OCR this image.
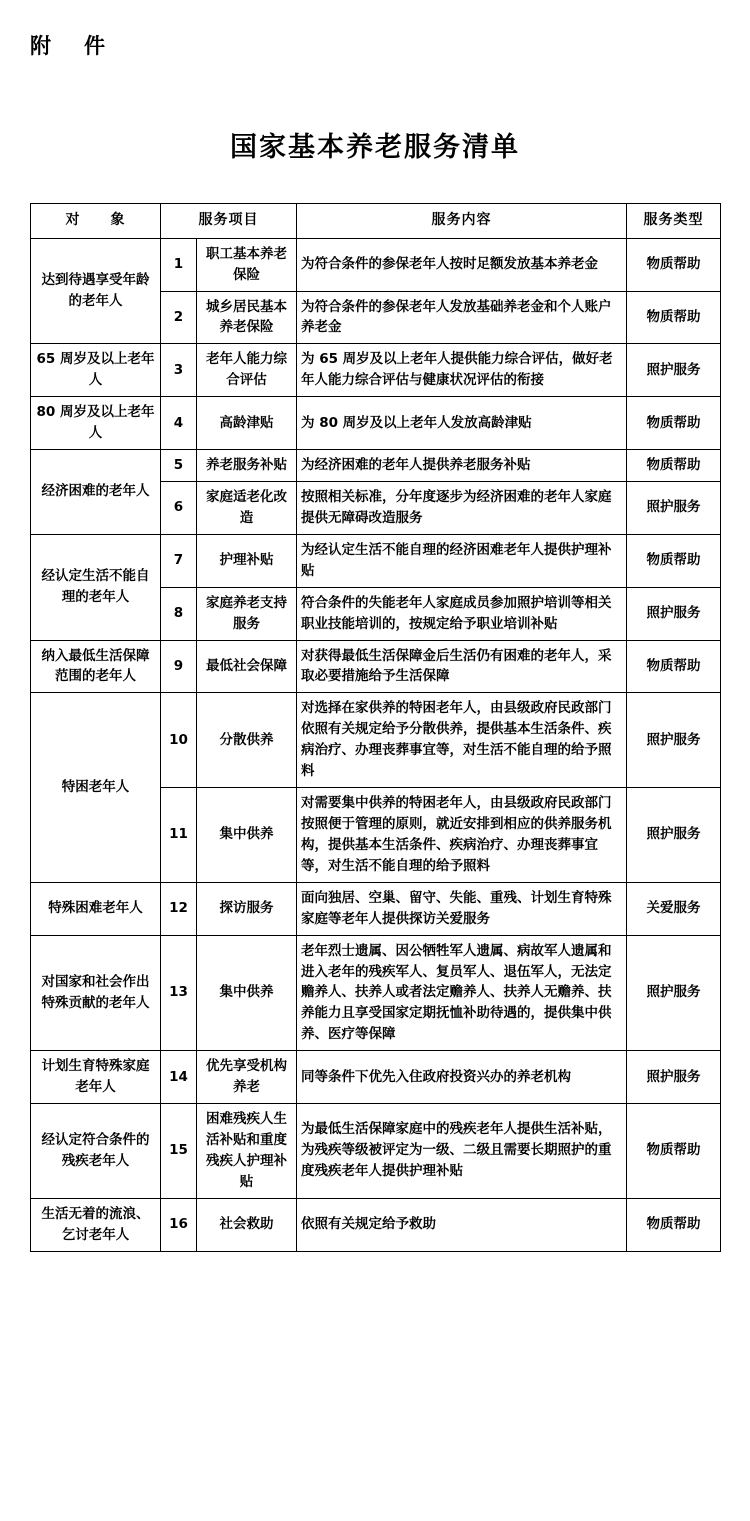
附　件
国家基本养老服务清单
对　　象	服务项目		服务内容	服务类型
达到待遇享受年龄的老年人	1	职工基本养老保险	为符合条件的参保老年人按时足额发放基本养老金	物质帮助
	2	城乡居民基本养老保险	为符合条件的参保老年人发放基础养老金和个人账户养老金	物质帮助
65 周岁及以上老年人	3	老年人能力综合评估	为 65 周岁及以上老年人提供能力综合评估，做好老年人能力综合评估与健康状况评估的衔接	照护服务
80 周岁及以上老年人	4	高龄津贴	为 80 周岁及以上老年人发放高龄津贴	物质帮助
经济困难的老年人	5	养老服务补贴	为经济困难的老年人提供养老服务补贴	物质帮助
	6	家庭适老化改造	按照相关标准，分年度逐步为经济困难的老年人家庭提供无障碍改造服务	照护服务
经认定生活不能自理的老年人	7	护理补贴	为经认定生活不能自理的经济困难老年人提供护理补贴	物质帮助
	8	家庭养老支持服务	符合条件的失能老年人家庭成员参加照护培训等相关职业技能培训的，按规定给予职业培训补贴	照护服务
纳入最低生活保障范围的老年人	9	最低社会保障	对获得最低生活保障金后生活仍有困难的老年人，采取必要措施给予生活保障	物质帮助
特困老年人	10	分散供养	对选择在家供养的特困老年人，由县级政府民政部门依照有关规定给予分散供养，提供基本生活条件、疾病治疗、办理丧葬事宜等，对生活不能自理的给予照料	照护服务
	11	集中供养	对需要集中供养的特困老年人，由县级政府民政部门按照便于管理的原则，就近安排到相应的供养服务机构，提供基本生活条件、疾病治疗、办理丧葬事宜等，对生活不能自理的给予照料	照护服务
特殊困难老年人	12	探访服务	面向独居、空巢、留守、失能、重残、计划生育特殊家庭等老年人提供探访关爱服务	关爱服务
对国家和社会作出特殊贡献的老年人	13	集中供养	老年烈士遗属、因公牺牲军人遗属、病故军人遗属和进入老年的残疾军人、复员军人、退伍军人，无法定赡养人、扶养人或者法定赡养人、扶养人无赡养、扶养能力且享受国家定期抚恤补助待遇的，提供集中供养、医疗等保障	照护服务
计划生育特殊家庭老年人	14	优先享受机构养老	同等条件下优先入住政府投资兴办的养老机构	照护服务
经认定符合条件的残疾老年人	15	困难残疾人生活补贴和重度残疾人护理补贴	为最低生活保障家庭中的残疾老年人提供生活补贴，为残疾等级被评定为一级、二级且需要长期照护的重度残疾老年人提供护理补贴	物质帮助
生活无着的流浪、乞讨老年人	16	社会救助	依照有关规定给予救助	物质帮助
